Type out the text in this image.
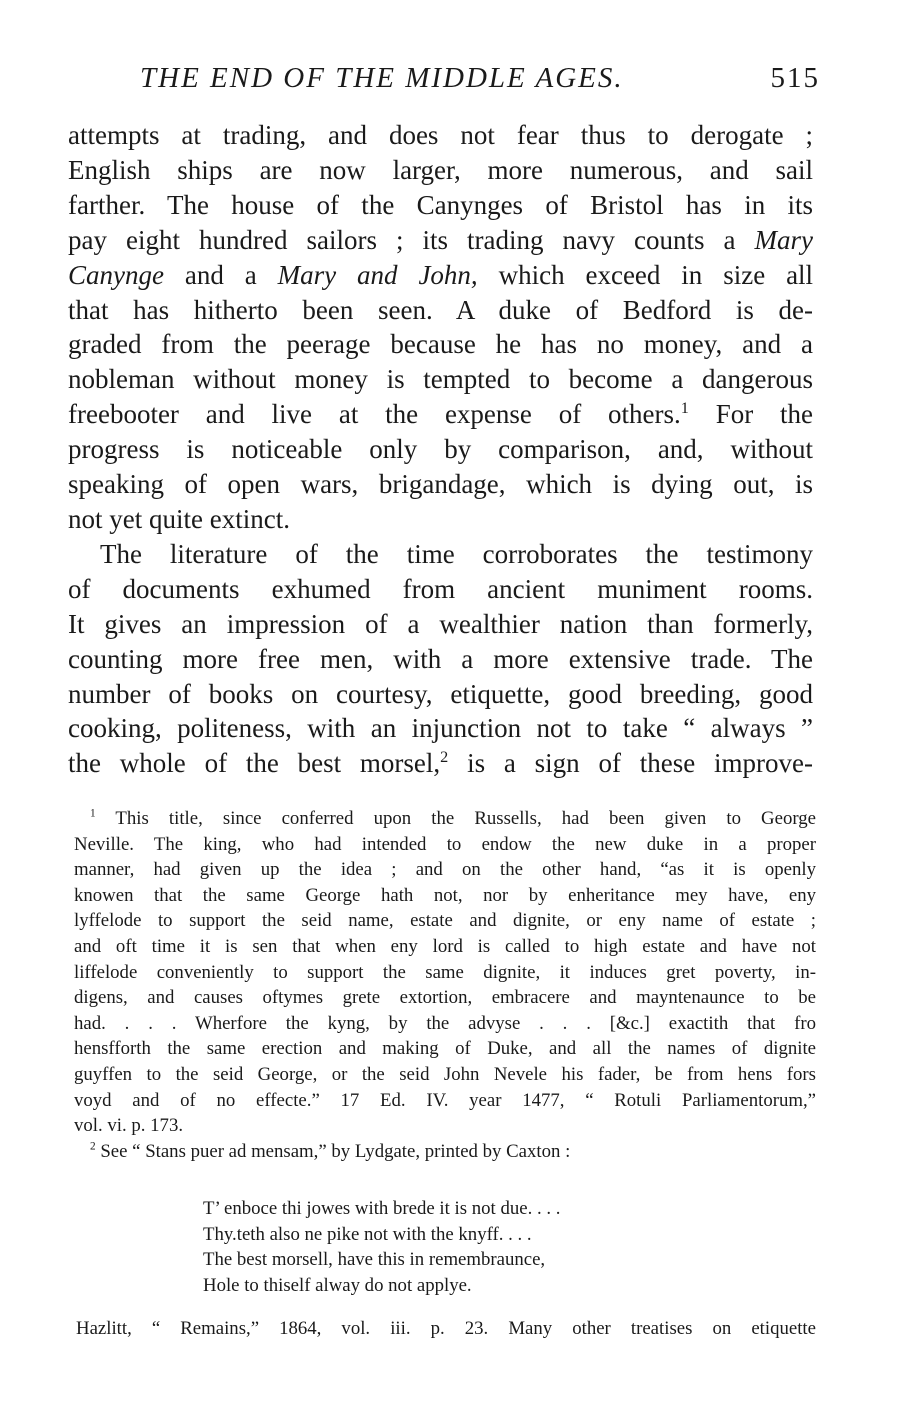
THE END OF THE MIDDLE AGES.	515

attempts at trading, and does not fear thus to derogate ;
English ships are now larger, more numerous, and sail
farther. The house of the Canynges of Bristol has in its
pay eight hundred sailors ; its trading navy counts a Mary
Canynge and a Mary and John, which exceed in size all
that has hitherto been seen. A duke of Bedford is de-
graded from the peerage because he has no money, and a
nobleman without money is tempted to become a dangerous
freebooter and live at the expense of others.$^1$ For the
progress is noticeable only by comparison, and, without
speaking of open wars, brigandage, which is dying out, is
not yet quite extinct.

The literature of the time corroborates the testimony
of documents exhumed from ancient muniment rooms.
It gives an impression of a wealthier nation than formerly,
counting more free men, with a more extensive trade. The
number of books on courtesy, etiquette, good breeding, good
cooking, politeness, with an injunction not to take “ always ”
the whole of the best morsel,$^2$ is a sign of these improve-

$^1$ This title, since conferred upon the Russells, had been given to George
Neville. The king, who had intended to endow the new duke in a proper
manner, had given up the idea ; and on the other hand, “as it is openly
knowen that the same George hath not, nor by enheritance mey have, eny
lyffelode to support the seid name, estate and dignite, or eny name of estate ;
and oft time it is sen that when eny lord is called to high estate and have not
liffelode conveniently to support the same dignite, it induces gret poverty, in-
digens, and causes oftymes grete extortion, embracere and mayntenaunce to be
had. . . . Wherfore the kyng, by the advyse . . . [&c.] exactith that fro
hensfforth the same erection and making of Duke, and all the names of dignite
guyffen to the seid George, or the seid John Nevele his fader, be from hens fors
voyd and of no effecte.” 17 Ed. IV. year 1477, “ Rotuli Parliamentorum,”
vol. vi. p. 173.
$^2$ See “ Stans puer ad mensam,” by Lydgate, printed by Caxton :
T’ enboce thi jowes with brede it is not due. . . .
Thy.teth also ne pike not with the knyff. . . .
The best morsell, have this in remembraunce,
Hole to thiself alway do not applye.
Hazlitt, “ Remains,” 1864, vol. iii. p. 23. Many other treatises on etiquette
